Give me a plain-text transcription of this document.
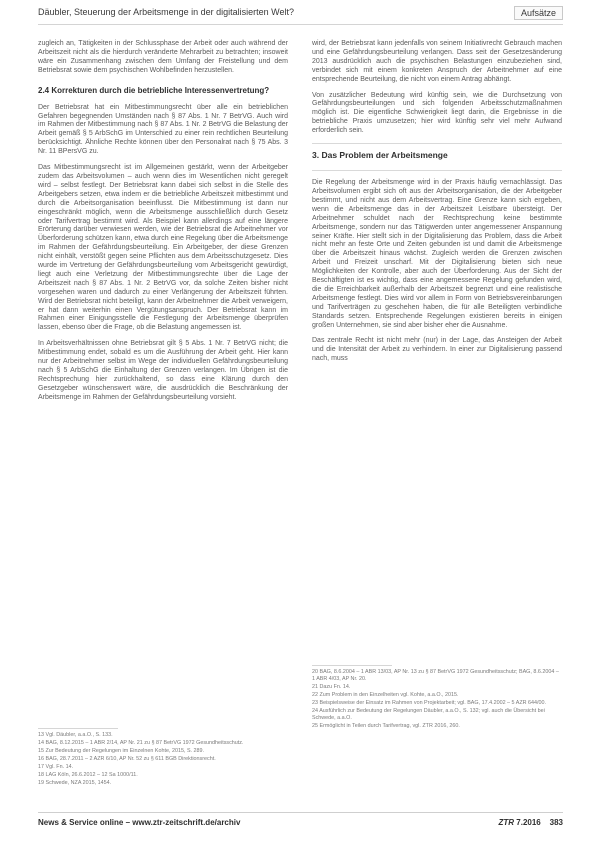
Däubler, Steuerung der Arbeitsmenge in der digitalisierten Welt?	Aufsätze

zugleich an, Tätigkeiten in der Schlussphase der Arbeit oder auch während der Arbeitszeit nicht als die hierdurch veränderte Mehrarbeit zu betrachten; insoweit wäre ein Zusammenhang zwischen dem Umfang der Freistellung und dem Betriebsrat sowie dem psychischen Wohlbefinden herzustellen.

2.4 Korrekturen durch die betriebliche Interessenvertretung?

Der Betriebsrat hat ein Mitbestimmungsrecht über alle ein betrieblichen Gefahren begegnenden Umständen nach § 87 Abs. 1 Nr. 7 BetrVG. Auch wird im Rahmen der Mitbestimmung nach § 87 Abs. 1 Nr. 2 BetrVG die Belastung der Arbeit gemäß § 5 ArbSchG im Unterschied zu einer rein rechtlichen Beurteilung berücksichtigt. Ähnliche Rechte können über den Personalrat nach § 75 Abs. 3 Nr. 11 BPersVG zu.

Das Mitbestimmungsrecht ist im Allgemeinen gestärkt, wenn der Arbeitgeber zudem das Arbeitsvolumen – auch wenn dies im Wesentlichen nicht geregelt wird – selbst festlegt. Der Betriebsrat kann dabei sich selbst in die Stelle des Arbeitgebers setzen, etwa indem er die betriebliche Arbeitszeit mitbestimmt und durch die Arbeitsorganisation beeinflusst. Die Mitbestimmung ist dann nur eingeschränkt möglich, wenn die Arbeitsmenge ausschließlich durch Gesetz oder Tarifvertrag bestimmt wird. Als Beispiel kann allerdings auf eine längere Erörterung darüber verwiesen werden, wie der Betriebsrat die Arbeitnehmer vor Überforderung schützen kann, etwa durch eine Regelung über die Arbeitsmenge im Rahmen der Gefährdungsbeurteilung. Ein Arbeitgeber, der diese Grenzen nicht einhält, verstößt gegen seine Pflichten aus dem Arbeitsschutzgesetz. Dies wurde im Vertretung der Gefährdungsbeurteilung vom Arbeitsgericht gewürdigt, liegt auch eine Verletzung der Mitbestimmungsrechte über die Lage der Arbeitszeit nach § 87 Abs. 1 Nr. 2 BetrVG vor, da solche Zeiten bisher nicht vorgesehen waren und dadurch zu einer Verlängerung der Arbeitszeit führten. Wird der Betriebsrat nicht beteiligt, kann der Arbeitnehmer die Arbeit verweigern, er hat dann weiterhin einen Vergütungsanspruch. Der Betriebsrat kann im Rahmen einer Einigungsstelle die Festlegung der Arbeitsmenge überprüfen lassen, ebenso über die Frage, ob die Belastung angemessen ist.

In Arbeitsverhältnissen ohne Betriebsrat gilt § 5 Abs. 1 Nr. 7 BetrVG nicht; die Mitbestimmung endet, sobald es um die Ausführung der Arbeit geht. Hier kann nur der Arbeitnehmer selbst im Wege der individuellen Gefährdungsbeurteilung nach § 5 ArbSchG die Einhaltung der Grenzen verlangen. Im Übrigen ist die Rechtsprechung hier zurückhaltend, so dass eine Klärung durch den Gesetzgeber wünschenswert wäre, die ausdrücklich die Beschränkung der Arbeitsmenge im Rahmen der Gefährdungsbeurteilung vorsieht.

wird, der Betriebsrat kann jedenfalls von seinem Initiativrecht Gebrauch machen und eine Gefährdungsbeurteilung verlangen. Dass seit der Gesetzesänderung 2013 ausdrücklich auch die psychischen Belastungen einzubeziehen sind, verbindet sich mit einem konkreten Anspruch der Arbeitnehmer auf eine entsprechende Beurteilung, die nicht von einem Antrag abhängt.

Von zusätzlicher Bedeutung wird künftig sein, wie die Durchsetzung von Gefährdungsbeurteilungen und sich folgenden Arbeitsschutzmaßnahmen möglich ist. Die eigentliche Schwierigkeit liegt darin, die Ergebnisse in die betriebliche Praxis umzusetzen; hier wird künftig sehr viel mehr Aufwand erforderlich sein.

3. Das Problem der Arbeitsmenge

Die Regelung der Arbeitsmenge wird in der Praxis häufig vernachlässigt. Das Arbeitsvolumen ergibt sich oft aus der Arbeitsorganisation, die der Arbeitgeber bestimmt, und nicht aus dem Arbeitsvertrag. Eine Grenze kann sich ergeben, wenn die Arbeitsmenge das in der Arbeitszeit Leistbare übersteigt. Der Arbeitnehmer schuldet nach der Rechtsprechung keine bestimmte Arbeitsmenge, sondern nur das Tätigwerden unter angemessener Anspannung seiner Kräfte. Hier stellt sich in der Digitalisierung das Problem, dass die Arbeit nicht mehr an feste Orte und Zeiten gebunden ist und damit die Arbeitsmenge über die Arbeitszeit hinaus wächst. Zugleich werden die Grenzen zwischen Arbeit und Freizeit unscharf. Mit der Digitalisierung bieten sich neue Möglichkeiten der Kontrolle, aber auch der Überforderung. Aus der Sicht der Beschäftigten ist es wichtig, dass eine angemessene Regelung gefunden wird, die die Erreichbarkeit außerhalb der Arbeitszeit begrenzt und eine realistische Arbeitsmenge festlegt. Dies wird vor allem in Form von Betriebsvereinbarungen und Tarifverträgen zu geschehen haben, die für alle Beteiligten verbindliche Standards setzen. Entsprechende Regelungen existieren bereits in einigen großen Unternehmen, sie sind aber bisher eher die Ausnahme.

Das zentrale Recht ist nicht mehr (nur) in der Lage, das Ansteigen der Arbeit und die Intensität der Arbeit zu verhindern. In einer zur Digitalisierung passend nach, muss

13 Vgl. Däubler, a.a.O., S. 133.
14 BAG, 8.12.2015 – 1 ABR 2/14, AP Nr. 21 zu § 87 BetrVG 1972 Gesundheitsschutz.
15 Zur Bedeutung der Regelungen im Einzelnen Kohte, 2015, S. 289.
16 BAG, 28.7.2011 – 2 AZR 6/10, AP Nr. 52 zu § 611 BGB Direktionsrecht.
17 Vgl. Fn. 14.
18 LAG Köln, 26.6.2012 – 12 Sa 1000/11.
19 Schwede, NZA 2015, 1454.
20 BAG, 8.6.2004 – 1 ABR 13/03, AP Nr. 13 zu § 87 BetrVG 1972 Gesundheitsschutz; BAG, 8.6.2004 – 1 ABR 4/03, AP Nr. 20.
21 Dazu Fn. 14.
22 Zum Problem in den Einzelheiten vgl. Kohte, a.a.O., 2015.
23 Beispielsweise der Einsatz im Rahmen von Projektarbeit; vgl. BAG, 17.4.2002 – 5 AZR 644/00.
24 Ausführlich zur Bedeutung der Regelungen Däubler, a.a.O., S. 132; vgl. auch die Übersicht bei Schwede, a.a.O.
25 Ermöglicht in Teilen durch Tarifvertrag, vgl. ZTR 2016, 260.
News & Service online – www.ztr-zeitschrift.de/archiv	ZTR 7.2016 383
